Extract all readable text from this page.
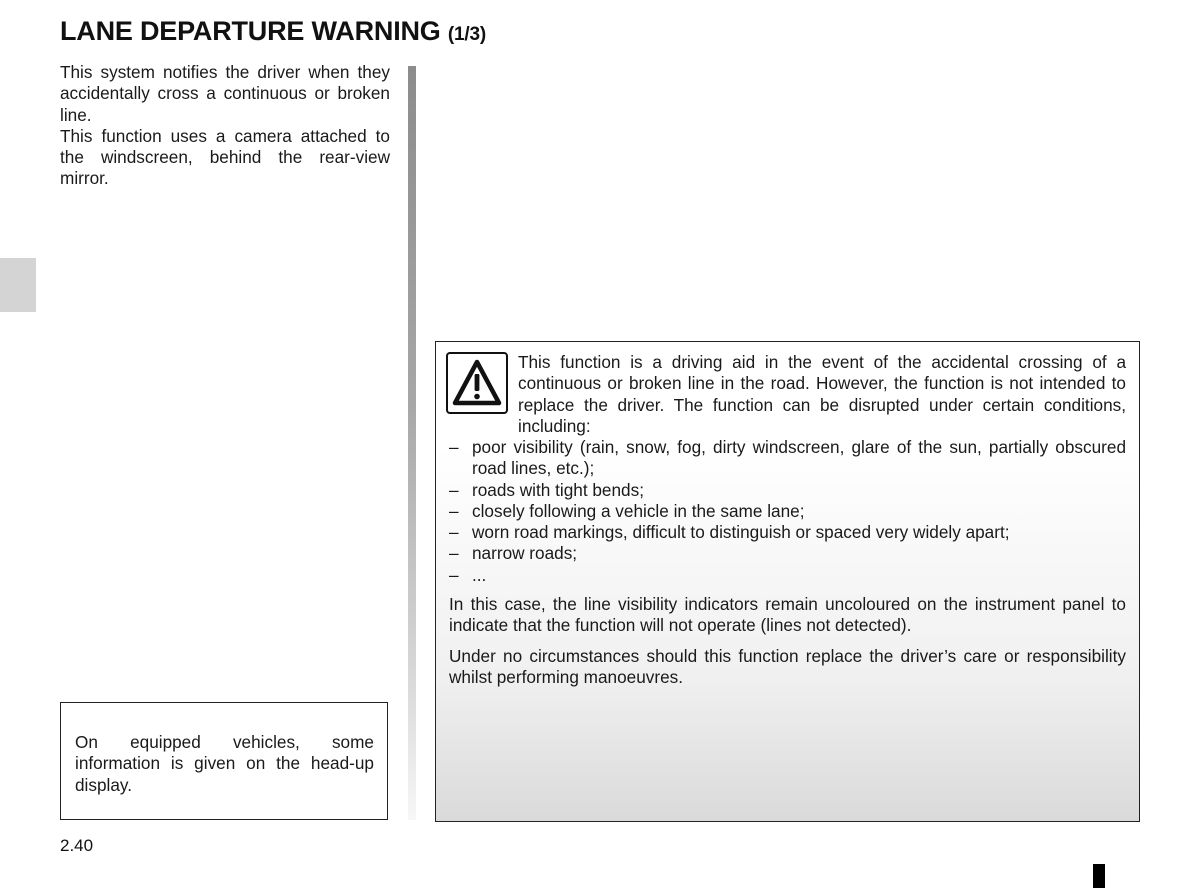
LANE DEPARTURE WARNING (1/3)

This system notifies the driver when they accidentally cross a continuous or broken line.

This function uses a camera attached to the windscreen, behind the rear-view mirror.

On equipped vehicles, some information is given on the head-up display.

This function is a driving aid in the event of the accidental crossing of a continuous or broken line in the road. However, the function is not intended to replace the driver. The function can be disrupted under certain conditions, including:

– poor visibility (rain, snow, fog, dirty windscreen, glare of the sun, partially obscured road lines, etc.);
– roads with tight bends;
– closely following a vehicle in the same lane;
– worn road markings, difficult to distinguish or spaced very widely apart;
– narrow roads;
– ...

In this case, the line visibility indicators remain uncoloured on the instrument panel to indicate that the function will not operate (lines not detected).

Under no circumstances should this function replace the driver’s care or responsibility whilst performing manoeuvres.

2.40
